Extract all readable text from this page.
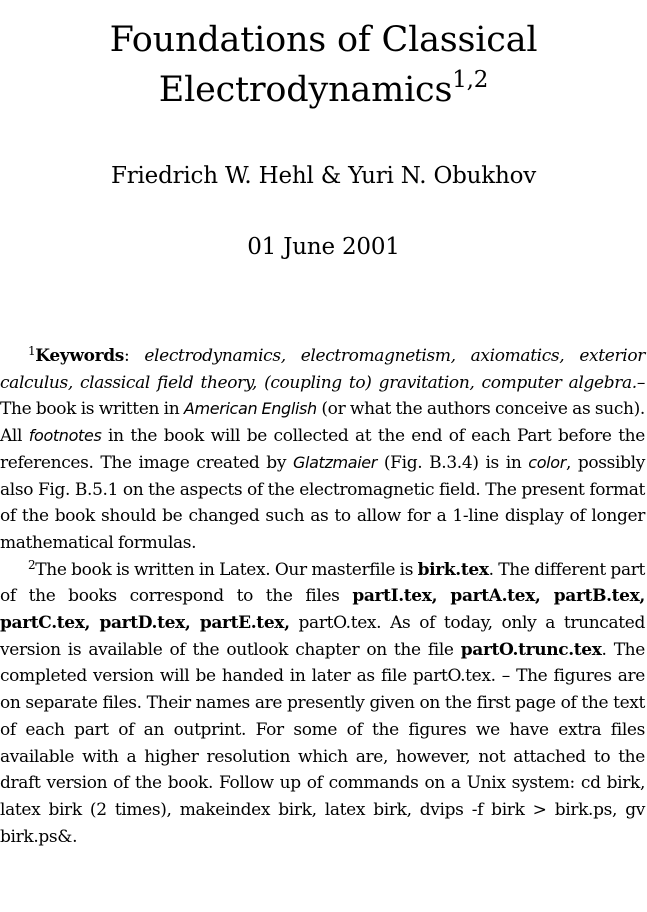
Foundations of Classical
Electrodynamics$^{1,2}$
Friedrich W. Hehl & Yuri N. Obukhov
01 June 2001

$^1$Keywords: electrodynamics, electromagnetism, axiomatics, exterior calculus, classical field theory, (coupling to) gravitation, computer algebra.– The book is written in American English (or what the authors conceive as such). All footnotes in the book will be collected at the end of each Part before the references. The image created by Glatzmaier (Fig. B.3.4) is in color, possibly also Fig. B.5.1 on the aspects of the electromagnetic field. The present format of the book should be changed such as to allow for a 1-line display of longer mathematical formulas.

$^2$The book is written in Latex. Our masterfile is birk.tex. The different part of the books correspond to the files partI.tex, partA.tex, partB.tex, partC.tex, partD.tex, partE.tex, partO.tex. As of today, only a truncated version is available of the outlook chapter on the file partO.trunc.tex. The completed version will be handed in later as file partO.tex. – The figures are on separate files. Their names are presently given on the first page of the text of each part of an outprint. For some of the figures we have extra files available with a higher resolution which are, however, not attached to the draft version of the book. Follow up of commands on a Unix system: cd birk, latex birk (2 times), makeindex birk, latex birk, dvips -f birk > birk.ps, gv birk.ps&.
